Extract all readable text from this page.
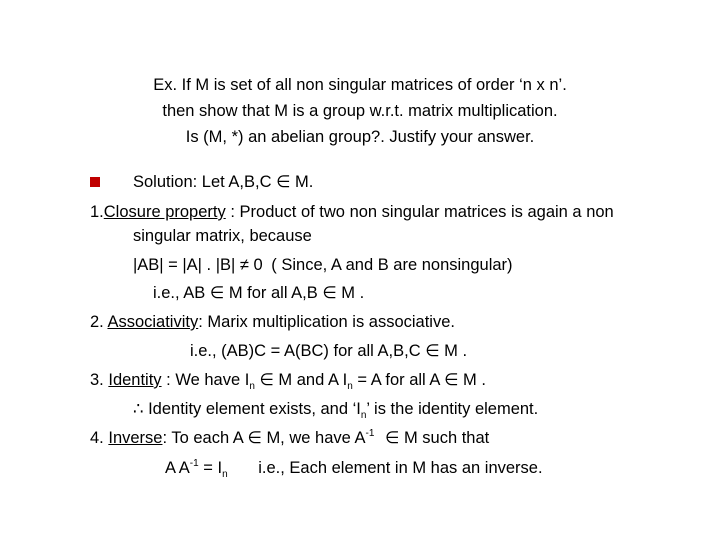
Ex. If M is set of all non singular matrices of order ‘n x n’.
then show that M is a group w.r.t. matrix multiplication.
Is (M, *) an abelian group?. Justify your answer.
Solution: Let A,B,C ∈ M.
1.Closure property : Product of two non singular matrices is again a non
singular matrix, because
|AB| = |A| . |B| ≠ 0 ( Since, A and B are nonsingular)
i.e., AB ∈ M for all A,B ∈ M .
2. Associativity: Marix multiplication is associative.
i.e., (AB)C = A(BC) for all A,B,C ∈ M .
3. Identity : We have $I_n$ ∈ M and A $I_n = A$ for all A ∈ M .
∴ Identity element exists, and ‘$I_n$’ is the identity element.
4. Inverse: To each A ∈ M, we have $A^{-1}$ ∈ M such that
A $A^{-1} = I_n$ i.e., Each element in M has an inverse.
